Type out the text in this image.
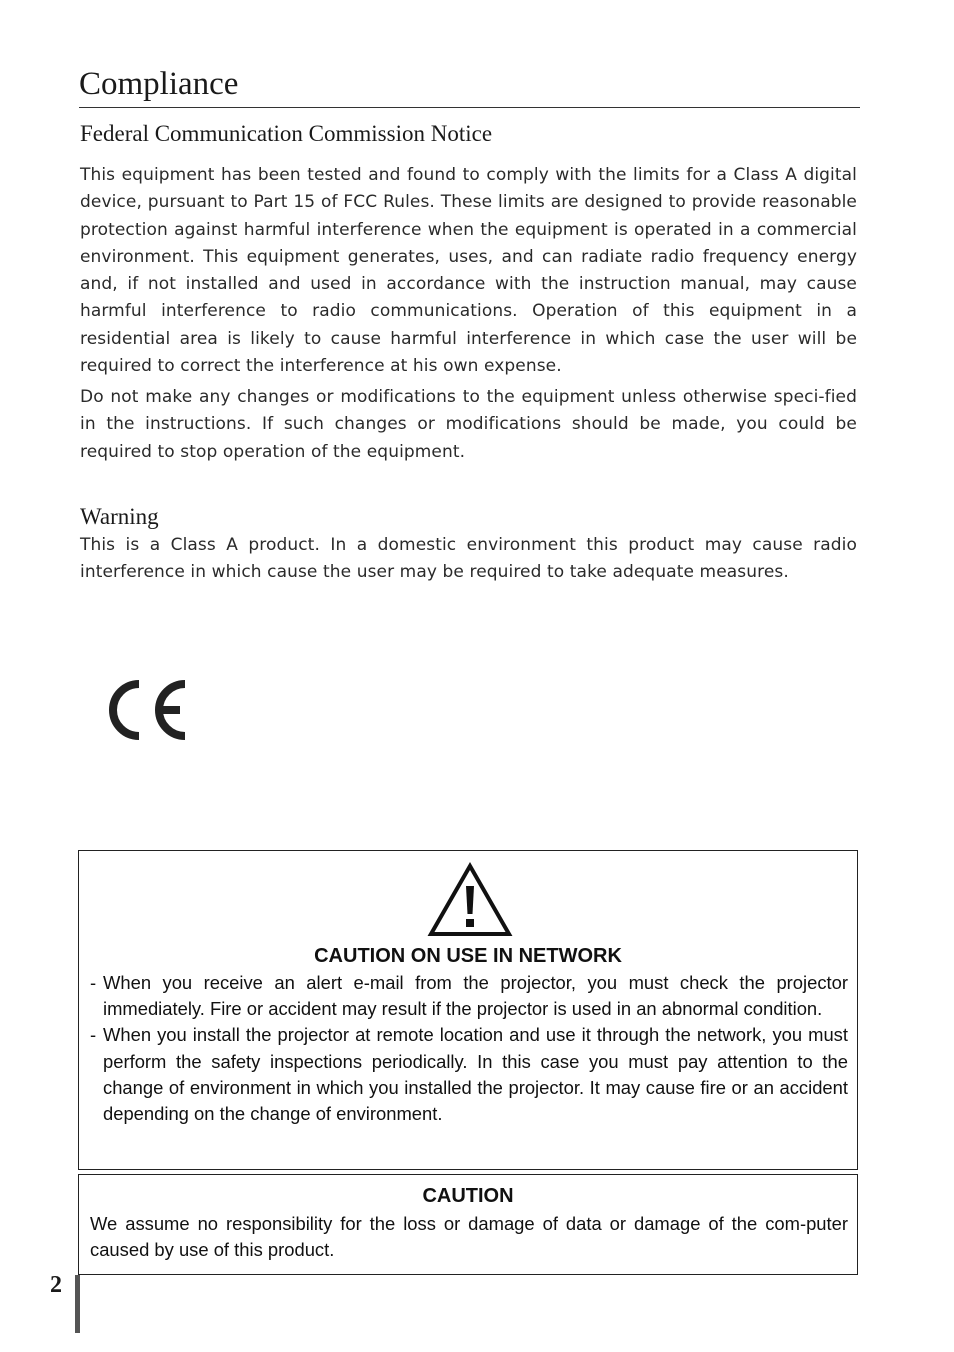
Compliance
Federal Communication Commission Notice

This equipment has been tested and found to comply with the limits for a Class A digital device, pursuant to Part 15 of FCC Rules. These limits are designed to provide reasonable protection against harmful interference when the equipment is operated in a commercial environment. This equipment generates, uses, and can radiate radio frequency energy and, if not installed and used in accordance with the instruction manual, may cause harmful interference to radio communications. Operation of this equipment in a residential area is likely to cause harmful interference in which case the user will be required to correct the interference at his own expense.

Do not make any changes or modifications to the equipment unless otherwise speci-fied in the instructions. If such changes or modifications should be made, you could be required to stop operation of the equipment.

Warning

This is a Class A product. In a domestic environment this product may cause radio interference in which cause the user may be required to take adequate measures.

CAUTION ON USE IN NETWORK
- When you receive an alert e-mail from the projector, you must check the projector immediately. Fire or accident may result if the projector is used in an abnormal condition.
- When you install the projector at remote location and use it through the network, you must perform the safety inspections periodically. In this case you must pay attention to the change of environment in which you installed the projector. It may cause fire or an accident depending on the change of environment.
CAUTION

We assume no responsibility for the loss or damage of data or damage of the com-puter caused by use of this product.

2
